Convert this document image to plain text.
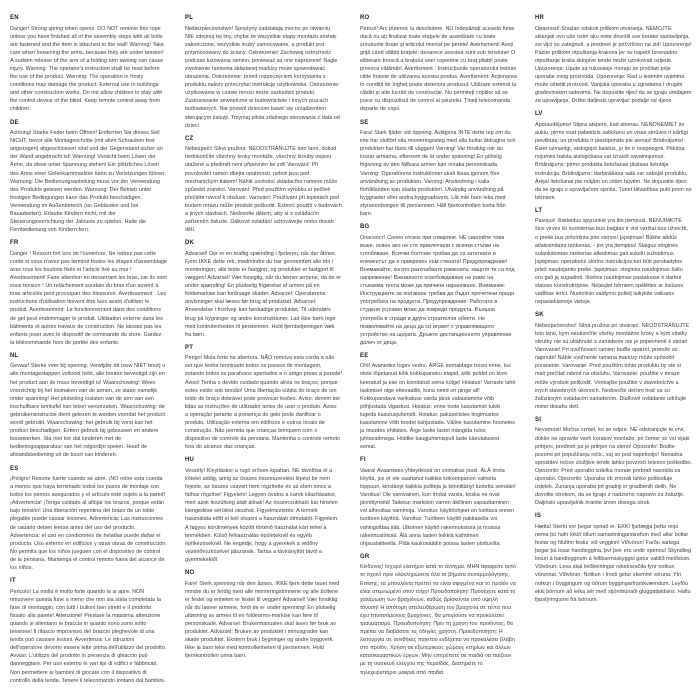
EN

Danger! Strong spring when opens. DO NOT remove this rope unless you have finished all of the assembly steps with all bolts are fastened and the item is attached to the wall! Warning! Take care when loosening the arms, because they are under tension! A sudden release of the arm of a folding arm awning can cause injury. Warning: The operator's instruction shall be read before the use of the product. Warning: The operation in frosty conditions may damage the product. External use in buildings and other construction works. Do not allow children to play with the control device of the blind. Keep remote control away from children.

DE

Achtung! Starke Feder beim Öffnen! Entfernen Sie dieses Seil NICHT, bevor alle Montageschritte (mit allen Schrauben fest angezogen) abgeschlossen sind und der Gegenstand sicher an der Wand angebracht ist! Warnung! Vorsicht beim Lösen der Arme, da diese unter Spannung stehen! Ein plötzliches Lösen des Arms einer Gelenkarmmarkise kann zu Verletzungen führen. Warnung: Die Bedienungsanleitung muss vor der Verwendung des Produkts gelesen werden. Warnung: Der Betrieb unter frostigen Bedingungen kann das Produkt beschädigen. Verwendung im Außenbereich (an Gebäuden und bei Bauarbeiten). Erlaube Kindern nicht, mit der Steuerungsvorrichtung der Jalousie zu spielen. Halte die Fernbedienung von Kindern fern.

FR

Danger ! Ressort fort lors de l'ouverture. Ne retirez pas cette corde si vous n'avez pas terminé toutes les étapes d'assemblage avec tous les boulons fixés et l'article fixé au mur ! Avertissement! Faire attention en desserrant les bras, car ils sont sous tension ! Un relâchement soudain du bras d'un auvent à bras articulés peut provoquer des blessures. Avertissement : Les instructions d'utilisation doivent être lues avant d'utiliser le produit. Avertissement: Le fonctionnement dans des conditions de gel peut endommager le produit. Utilisation externe dans les bâtiments et autres travaux de construction. Ne laissez pas les enfants jouer avec le dispositif de commande du store. Gardez la télécommande hors de portée des enfants.

NL

Gevaar! Sterke veer bij opening. Verwijder dit touw NIET tenzij u alle montagestappen voltooid hebt, alle bouten bevestigd zijn en het product aan de muur bevestigd is! Waarschuwing! Wees voorzichtig bij het losmaken van de armen, ze staan namelijk onder spanning! Het plotseling loslaten van de arm van een inschuifbare armluifel kan letsel veroorzaken. Waarschuwing: de gebruikersinstructie dient gelezen te worden voordat het product wordt gebruikt. Waarschuwing: het gebruik bij vorst kan het product beschadigen. Extern gebruik bij gebouwen en andere bouwwerken. Sta niet toe dat kinderen met de bedieningsapparatuur van het rolgordijn spelen. Houd de afstandsbediening uit de buurt van kinderen.

ES

¡Peligro! Resorte fuerte cuando se abre. ¡NO retire esta cuerda a menos que haya terminado todos los pasos de montaje con todos los pernos asegurados y el artículo esté sujeto a la pared! ¡Advertencia! ¡Tenga cuidado al aflojar los brazos, porque están bajo tensión! Una liberación repentina del brazo de un toldo plegable puede causar lesiones. Advertencia: Las instrucciones de usuario deben leerse antes del uso del producto. Advertencia: el uso en condiciones de heladas puede dañar el producto. Uso externo en edificios y otras obras de construcción. No permita que los niños jueguen con el dispositivo de control de la persiana. Mantenga el control remoto fuera del alcance de los niños.

IT

Pericolo! La molla è molto forte quando la si apre. NON rimuovere questa fune a meno che non sia stata completata la fase di montaggio, con tutti i bulloni ben stretti e il prodotto fissato alla parete! Attenzione! Prestare la massima attenzione quando si allentano le braccia in quanto sono sono sotto tensione! Il rilascio improvviso del braccio pieghevole di una tenda può causare lesioni. Avvertenza: Le istruzioni dell'operatore devono essere lette prima dell'utilizzo del prodotto. Avviso: L'utilizzo del prodotto in presenza di ghiaccio può danneggiare. Per uso esterno in vari tipi di edifici e fabbricati. Non permettere ai bambini di giocare con il dispositivo di controllo della tenda. Tenere il telecomando lontano dai bambini.

PL

Niebezpieczeństwo! Sprężyny zadziałają mocno po otwarciu. NIE zdejmuj tej liny, chyba że wszystkie etapy montażu zostały zakończone, wszystkie śruby zamocowane, a produkt jest przymocowany do ściany. Ostrzeżenie! Zachowaj ostrożność podczas luzowania ramion, ponieważ są one naprężone! Nagłe zwolnienie ramienia składanej markizy może spowodować obrażenia. Ostrzeżenie: przed rozpoczęciem korzystania z produktu należy przeczytać instrukcję użytkownika. Ostrzeżenie: użytkowanie w czasie mrozu może uszkodzić produkt. Zastosowanie zewnętrzne w budownictwie i innych pracach budowlanych. Nie pozwól dzieciom bawić się urządzeniem sterującym żaluzji. Trzymaj pilota zdalnego sterowania z dala od dzieci.

CZ

Nebezpečí! Silná pružina. NEODSTRAŇUJTE toto lano, dokud nedokončíte všechny kroky montáže, všechny šrouby nejsou utažené a předmět není připevněn ke zdi! Varování! Při povolování ramen dbejte opatrnosti, neboť jsou pod mechanickým tlakem! Náhlé uvolnění skládacího ramene může způsobit zranění. Varování: Před použitím výrobku si pečlivě přečtěte návod k obsluze. Varování: Používání při teplotách pod bodem mrazu může produkt poškodit. Externí použití v budovách a jiných stavbách. Nedovolte dětem, aby si s ovládacím zařízením žaluzie. Dálkové ovládání uchovávejte mimo dosah dětí.

DK

Advarsel! Der er en kraftig spænding i fjederen, når der åbnes. Fjern IKKE dette reb, medmindre du har gennemført alle trin i monteringen, alle bolte er fastgjort, og produktet er fastgjort til væggen! Advarsel! Vær forsigtig, når du løsner armene, da de er under spænding! En pludselig frigørelse af armen på en foldemarkise kan forårsage skader. Advarsel: Operatørens anvisninger skal læses før brug af produktet. Advarsel: Anvendelse i frostvejr kan beskadige produktet. Til udendørs brug på bygninger og andre konstruktioner. Lad ikke børn lege med kontrolenheden til persiennen. Hold fjernbetjeningen væk fra børn.

PT

Perigo! Mola forte na abertura. NÃO remova esta corda a não ser que tenha terminado todos os passos de montagem, estando todos os parafusos apertados e o artigo preso à parede! Aviso! Tenha o devido cuidado quando alivia os braços, porque estes estão sob tensão! Uma libertação súbita do braço de um toldo de braço dobrável pode provocar lesões. Aviso: devem ser lidas as instruções de utilizador antes de usar o produto. Aviso: a operação perante a presença de gelo pode danificar o produto. Utilização externa em edifícios e outros locais de construção. Não permita que crianças brinquem com o dispositivo de controle da persiana. Mantenha o controle remoto fora do alcance das crianças.

HU

Veszély! Kinyitáskor a rugó erősen kipattan. NE távolítsa el a kötelet addig, amíg az összes összeszerelési lépést be nem fejezte, az összes csavart nem rögzítette és az elem nincs a falhoz rögzítve! Figyelem! Legyen óvatos a karok kilazításakor, mert azok feszültség alatt állnak! Az összecsukható kar hirtelen kiengedése sérülést okozhat. Figyelmeztetés: A termék használata előtt el kell olvasni a használati útmutatót. Figyelem: A fagyos körülmények között történő használat kárt tehet a termékben. Külső felhasználás épületeknél és egyéb építkezéseknél. Ne engedje, hogy a gyerekek a redőny vezérlőeszközével játszanak. Tartsa a távirányítót távol a gyermekektől.

NO

Fare! Sterk spenning når den åpnes. IKKE fjern dette tauet med mindre du er ferdig med alle monteringstrinnene og alle boltene er festet og enheten er festet til veggen! Advarsel! Vær forsiktig når du løsner armene, fordi de er under spenning! En plutselig utløsning av armen til en foldearms-markise kan føre til personskade. Advarsel: Brukermanualen skal leses før bruk av produktet. Advarsel: Bruken av produktet i minusgrader kan skade produktet. Ekstern bruk i bygninger og andre byggverk. Ikke la barn leke med kontrollenheten til persiennen. Hold fjernkontrollen unna barn.

RO

Pericol! Arc puternic la deschidere. NU îndepărtați această funie dacă nu ați finalizat toate etapele de asamblare cu toate șuruburile fixate și articolul montat pe perete! Avertisment! Aveți grijă când slăbiți brațele, deoarece acestea sunt sub tensiune! O eliberare bruscă a brațului unei copertine cu braț pliabil poate provoca vătămări. Avertisment : Instrucțiunile operatorului trebuie citite înainte de utilizarea acestui produs. Avertisment: Acționarea în condiții de îngheț poate deteriora produsul. Utilizare externă la clădiri și alte lucrări de construcție. Nu permiteți copiilor să se joace cu dispozitivul de control al jaluzelei. Țineți telecomanda departe de copii.

SE

Fara! Stark fjäder vid öppning. Avlägsna INTE detta rep om du inte har slutfört alla monteringssteg med alla bultar åtdragna och produkten har fästs till väggen! Varning! Var försiktig när du lossar armarna, eftersom de är under spänning! En plötslig frigivning av den fällbara armen kan orsaka personskada. Varning: Operatörens instruktioner skall läsas igenom före användning av produkten. Varning: Användning i kalla förhållanden kan skada produkten. Utvändig användning på byggnader eller andra byggnadsverk. Låt inte barn leka med styranordningen till persiennen. Håll fjärrkontrollen borta från barn.

BG

Опасност! Силен отскок при отваряне. НЕ сваляйте това въже, освен ако не сте приключили с всички стъпки на сглобяване. Всички болтове трябва да са затегнати и елементът да е прикрепен към стената! Предупреждение! Внимавайте, когато разхлабвате рамената, защото те са под напрежение! Внезапното освобождаване на рамо на сгъваема тента може да причини нараняване. Внимание: Инструкциите за ползване трябва да бъдат прочетени преди употребата на продукта. Предупреждение: Работата в студени условия може да повреди продукта. Външна употреба в сгради и други строителни обекти. Не позволявайте на деца да си играят с управляващото устройство на щората. Дръжте дистанционното управление далеч от деца.

EE

Oht! Avanedes tugev vedru. ÄRGE eemaldage trossi enne, kui olete lõpetanud kõik kokkupaneku etapid, kõik poldid on kinni keeratud ja ese on kinnitatud seina külge! Hoiatus! Varraste lahti laskmisel olge ettevaatlik, kuna need on pinge all! Kokkupandava varikatuse varda järsk vabastamine võib põhjustada vigastusi. Hoiatus: enne toote kasutamist tuleb lugeda kasutusjuhendit. Hoiatus: pakaselistes tingimustes kasutamine võib toodet kahjustada. Väline kasutamine hoonetes ja muudes ehitistes. Ärge laske lastel mängida ruloo juhtseadmega. Hoidke kaugjuhtimispult laste käeulatusest eemal.

FI

Vaara! Avaamisen yhteydessä on voimakas jousi. ÄLÄ irrota köyttä, jos et ole saattanut kaikkia kokoonpanon vaiheita loppuun, kiristänyt kaikkia pultteja ja kiinnittänyt tuotetta seinään! Varoitus! Ole varovainen, kun irrotat varsia, koska ne ovat jännittyneitä! Taitetun markiisin varren äkillinen vapauttaminen voi aiheuttaa vammoja. Varoitus: käyttöohjeet on luettava ennen tuotteen käyttöä. Varoitus: Tuotteen käyttö pakkasella voi vahingoittaa sitä. Ulkoinen käyttö rakennuksissa ja muissa rakennustöissä. Älä anna lasten leikkiä kaihtimen ohjauslaitteella. Pidä kaukosäädin poissa lasten ulottuvilta.

GR

Κίνδυνος! Ισχυρό ελατήριο κατά το άνοιγμα. ΜΗΝ αφαιρείτε αυτό το σχοινί πριν ολοκληρώσετε όλα τα βήματα συναρμολόγησης. Επίσης, τα μπουλόνια πρέπει να είναι σφιγμένα και το προϊόν να είναι στερεωμένο στον τοίχο! Προειδοποίηση! Προσέχετε κατά τη χαλάρωση των βραχιόνων, καθώς βρίσκονται υπό υψηλή τάνυση! Η απότομη απελευθέρωση του βραχίονα σε τέντα που έχει πτυσσόμενους βραχίονες, θα μπορούσε να προκαλέσει τραυματισμό. Προειδοποίηση: Πριν τη χρήση του προϊόντος, θα πρέπει να διαβάσετε τις οδηγίες χρήστη. Προειδοποίηση: Η λειτουργία σε συνθήκες παγετού ενδέχεται να προκαλέσει βλάβη στο προϊόν. Χρήση σε εξωτερικούς χώρους κτηρίων και άλλων κατασκευαστικών έργων. Μην επιτρέπετε σε παιδιά να παίζουν με τη συσκευή ελέγχου της περσίδας. Διατηρείτε το τηλεχειριστήριο μακριά από παιδιά.

HR

Opasnost! Snažan odskok prilikom otvaranja. NEMOJTE sklanjati ovo uže osim ako niste dovršili sve korake sastavljanja, svi vijci su zategnuti, a predmet je pričvršćen na zid! Upozorenje! Pazite prilikom otpuštanja krakova jer su napeti! Iznenadno otpuštanje kraka sklopive tende može uzrokovati ozljede. Upozorenje: Upute za rukovanje moraju se pročitati prije uporabe ovog proizvoda. Upozorenje: Rad u ledenim uvjetima može oštetiti proizvod. Vanjska uporaba u zgradama i drugim građevinskim radovima. Ne dopustite djeci da se igraju uređajem za upravljanje. Držite daljinski upravljač podalje od djece.

LV

Apdraudējums! Stipra atspere, kad atveras. NENOŅEMIET šo auklu, pirms esat pabeidzis salikšanu un visas skrūves ir kārtīgi pievilktas, un produkts ir piestiprināts pie sienas! Brīdinājums! Esiet uzmanīgi, atslogojot balstus, jo tie ir nospriegoti. Pēkšņa nojumes balsta atslogošana var izraisīt savainojumus. Brīdinājums: pirms produkta lietošanas jāizlasa lietotāja instrukcija. Brīdinājums: darbināšana salā var sabojāt produktu. Ārējai lietošanai pie mājām un citām būvēm. Ne dopustite djeci da se igraju s upravljačem sjenila. Turiet tālvadības pulti prom no bērniem.

LT

Pavojus! Išskleidus spyruoklė yra itin įtempusi. NENUIMKITE šios virvės iki surinkimas bus baigtas ir visi varžtai bus užveržti, o prekė bus pritvirtinta prie sienos! Įspėjimas! Būkite atidūs atlaisvindami rankenas, - jos yra įtemptos! Staigus stoginės sulankstomas rankenas atleidimas gali sukelti sužeidimus. Įspėjimas: operatoriui skirtos instrukcijos turi būti perskaitytos prieš naudojantis preke. Įspėjimas: stoginės naudojimas šaltu oru gali ją sugadinti. Išorinis naudojimas pastatuose ir darbui statose konstrukcijose. Neļaujiet bērniem spēlēties ar žalūzes vadības ierīci. Nuotolinio valdymo pultelį laikykite vaikams nepasiekiamoje vietoje.

SK

Nebezpečenstvo! Silná pružina pri otváraní. NEODSTRAŇUJTE toto lano, kým neukončíte všetky montážne kroky a kým všetky skrutky nie sú utiahnuté a zariadenie nie je pripevnené k stene! Varovanie! Pri uvoľňovaní ramien buďte opatrní, pretože sú napnuté! Náhle uvoľnenie ramena markízy môže spôsobiť poranenie. Varovanie: Pred použitím tohto produktu by ste si mali prečítať návod na obsluhu. Varovanie: použitie v mraze môže výrobok poškodiť. Vonkajšie použitie v stavebníctve a iných stavebných úkonoch. Nedovoľte deťom hrať sa so žalúziovým ovládacím zariadením. Diaľkové ovládanie udržujte mimo dosahu detí.

SI

Nevarnost! Močna vzmet, ko se odpre. NE odstranjujte te vrvi, dokler ne opravite vseh korakov montaže, pri čemer so vsi vijaki pritrjeni, predmet pa je pritrjen na steno! Opozorilo! Bodite pozorni pri popuščanju ročic, saj so pod napetostjo! Nenadna sprostitev ročice zložljive tende lahko povzroči telesno poškodbo. Opozorilo: Pred uporabo izdelka morate prebrati navodila za uporabo. Opozorilo: Uporaba ob zmrzali lahko poškoduje izdelek. Zunanja uporaba pri gradnji in gradbenih delih. Ne dovolite otrokom, da se igrajo z nadzorno napravo za žaluzije. Daljinski upravljalnik hranite izven dosega otrok.

IS

Hætta! Sterkt vor þegar opnað er. EKKI fjarlægja þetta reipi nema þú hafir lokið öllum samsetningarskrefum með allar boltar festar og hlutinn festur við vegginn! Viðvörun! Farðu varlega þegar þú losar handleggina, því þeir eru undir spennu! Skyndileg losun á handleggnum á fellibarmsskyggni getur valdið meiðslum. Viðvörun: Lesa skal leiðbeiningar rekstraraðila fyrir notkun vörunnar. Viðvörun: Notkun í frosti getur skemmt vöruna. Ytri notkun í byggingum og öðrum byggingarframkvæmdum. Leyfðu ekki börnum að leika sér með stjórnbúnaði gluggatjaldsins. Haltu fjarstýringunni frá börnum.
